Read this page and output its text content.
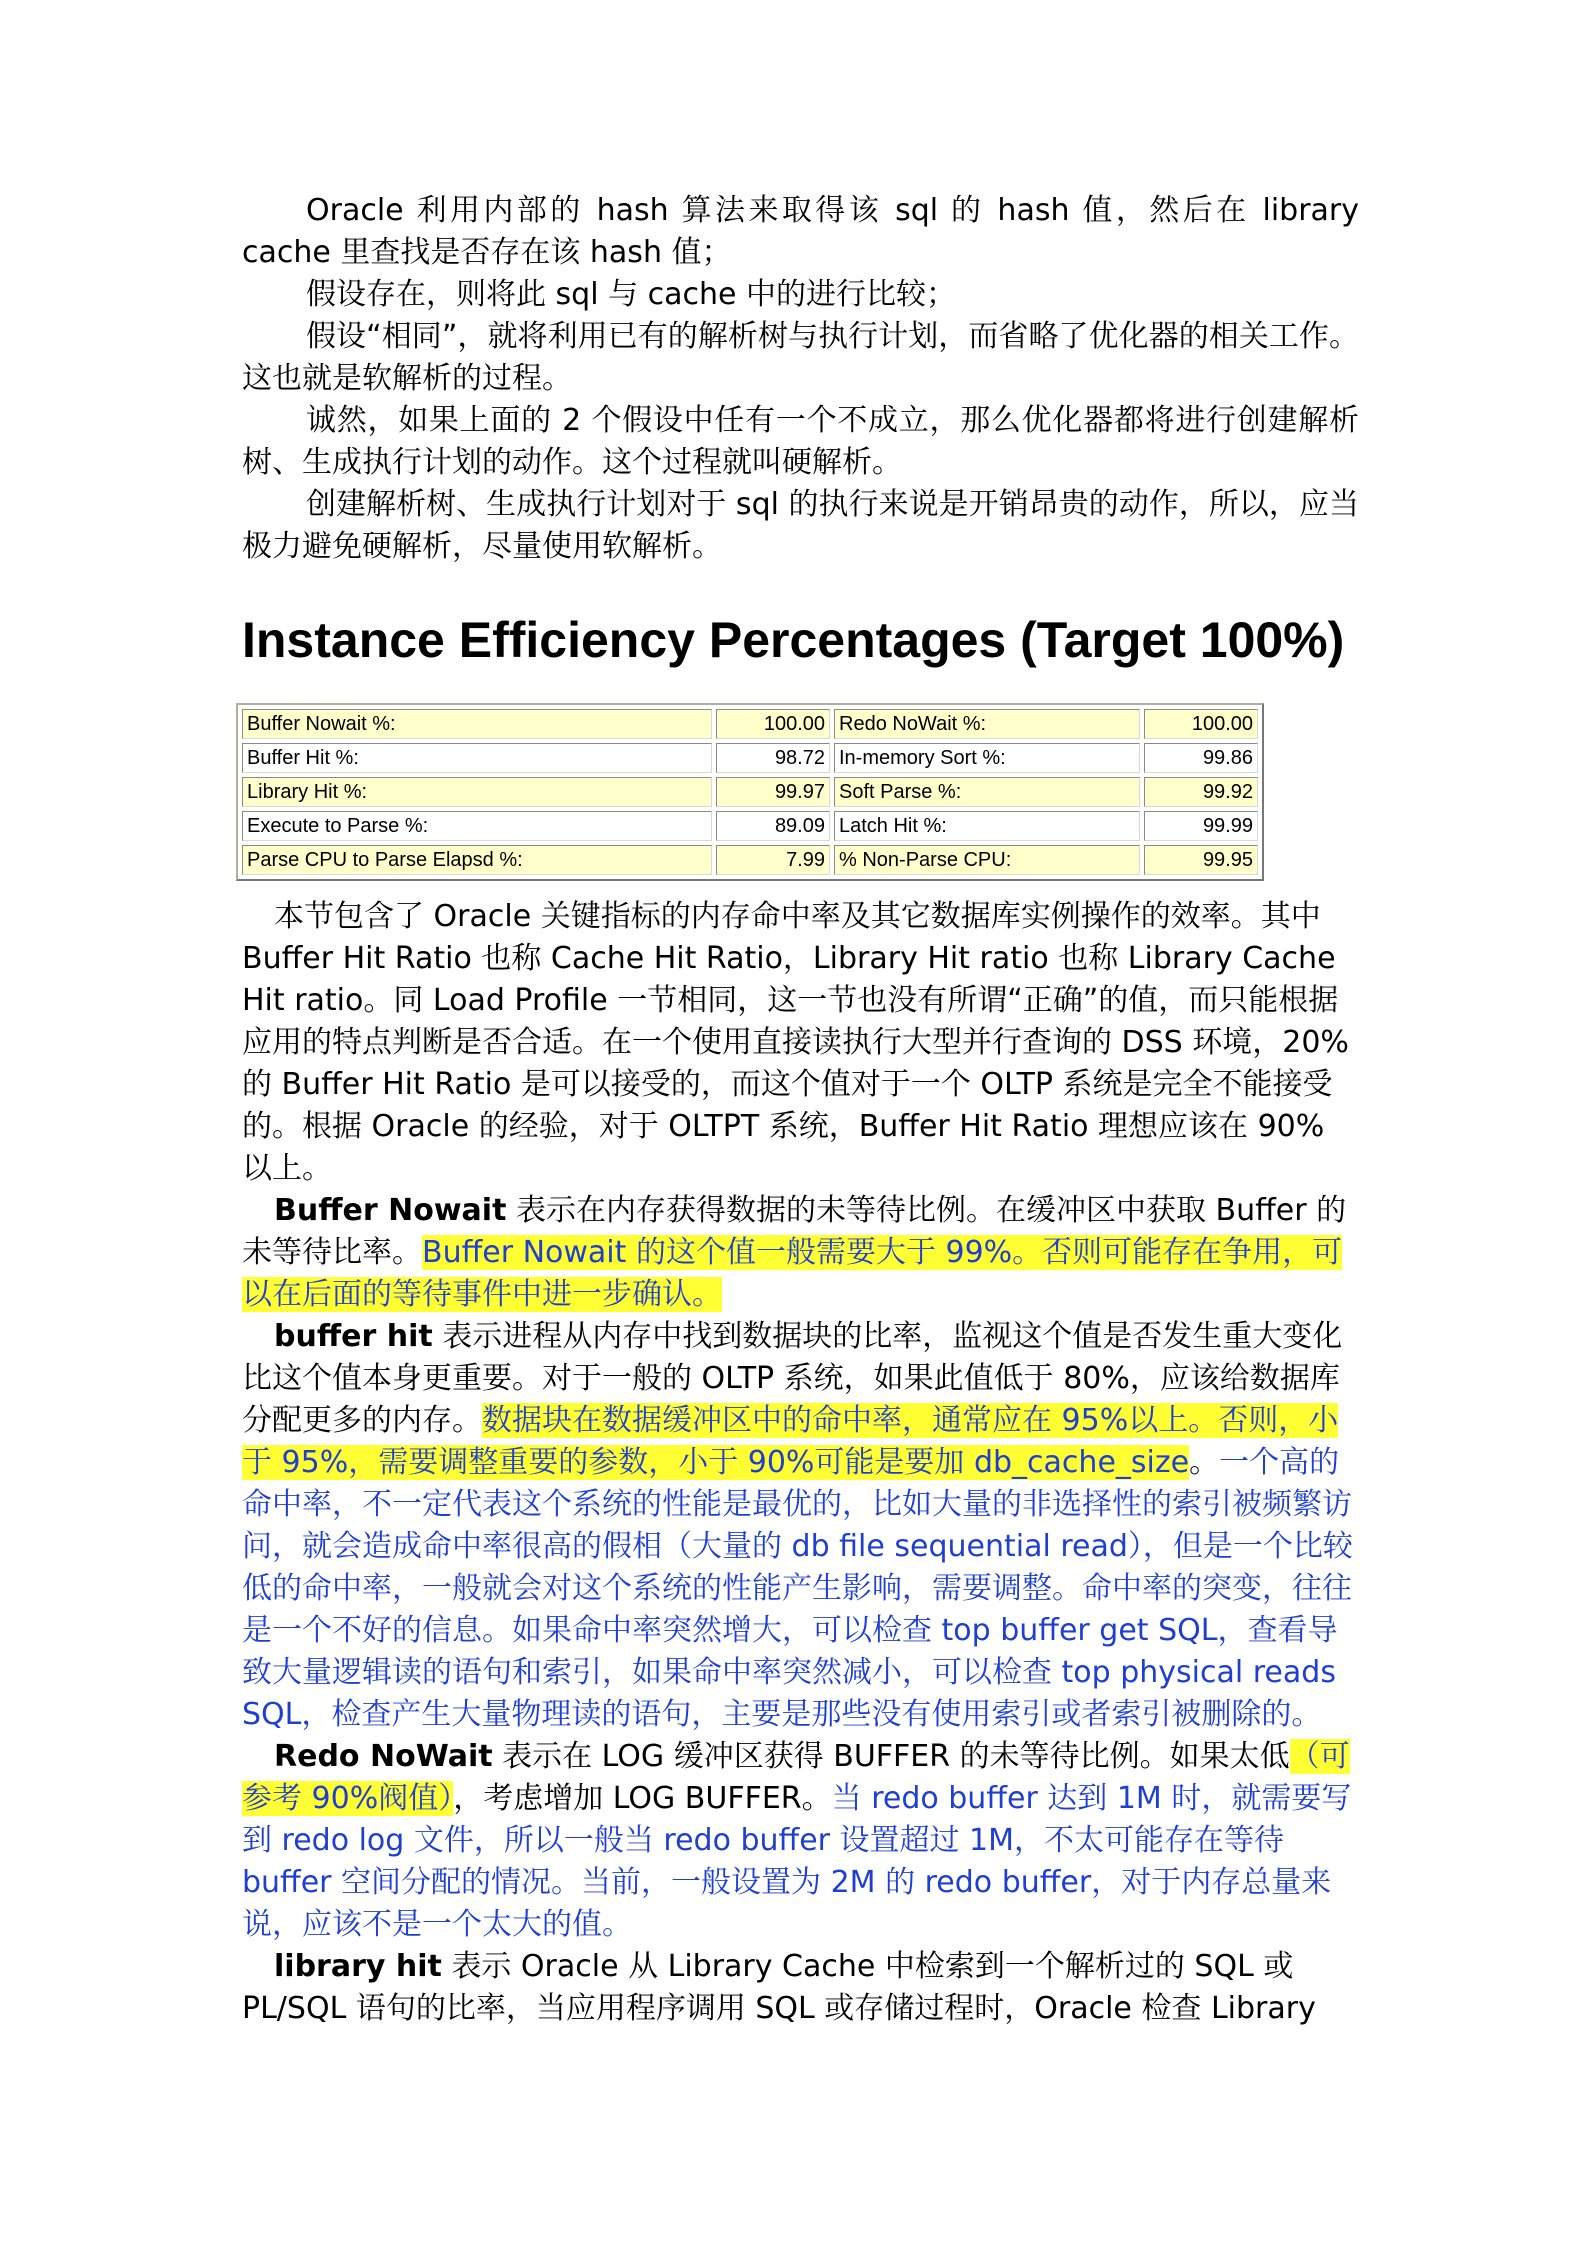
Oracle 利用内部的 hash 算法来取得该 sql 的 hash 值，然后在 library cache 里查找是否存在该 hash 值；

假设存在，则将此 sql 与 cache 中的进行比较；

假设“相同”，就将利用已有的解析树与执行计划，而省略了优化器的相关工作。这也就是软解析的过程。

诚然，如果上面的 2 个假设中任有一个不成立，那么优化器都将进行创建解析树、生成执行计划的动作。这个过程就叫硬解析。

创建解析树、生成执行计划对于 sql 的执行来说是开销昂贵的动作，所以，应当极力避免硬解析，尽量使用软解析。

Instance Efficiency Percentages (Target 100%)
Buffer Nowait %:	100.00	Redo NoWait %:	100.00
Buffer Hit %:	98.72	In-memory Sort %:	99.86
Library Hit %:	99.97	Soft Parse %:	99.92
Execute to Parse %:	89.09	Latch Hit %:	99.99
Parse CPU to Parse Elapsd %:	7.99	% Non-Parse CPU:	99.95

本节包含了 Oracle 关键指标的内存命中率及其它数据库实例操作的效率。其中 Buffer Hit Ratio 也称 Cache Hit Ratio，Library Hit ratio 也称 Library Cache Hit ratio。同 Load Profile 一节相同，这一节也没有所谓“正确”的值，而只能根据应用的特点判断是否合适。在一个使用直接读执行大型并行查询的 DSS 环境，20% 的 Buffer Hit Ratio 是可以接受的，而这个值对于一个 OLTP 系统是完全不能接受的。根据 Oracle 的经验，对于 OLTPT 系统，Buffer Hit Ratio 理想应该在 90% 以上。

Buffer Nowait 表示在内存获得数据的未等待比例。在缓冲区中获取 Buffer 的未等待比率。Buffer Nowait 的这个值一般需要大于 99%。否则可能存在争用，可以在后面的等待事件中进一步确认。

buffer hit 表示进程从内存中找到数据块的比率，监视这个值是否发生重大变化比这个值本身更重要。对于一般的 OLTP 系统，如果此值低于 80%，应该给数据库分配更多的内存。数据块在数据缓冲区中的命中率，通常应在 95%以上。否则，小于 95%，需要调整重要的参数，小于 90%可能是要加 db_cache_size。一个高的命中率，不一定代表这个系统的性能是最优的，比如大量的非选择性的索引被频繁访问，就会造成命中率很高的假相（大量的 db file sequential read），但是一个比较低的命中率，一般就会对这个系统的性能产生影响，需要调整。命中率的突变，往往是一个不好的信息。如果命中率突然增大，可以检查 top buffer get SQL，查看导致大量逻辑读的语句和索引，如果命中率突然减小，可以检查 top physical reads SQL，检查产生大量物理读的语句，主要是那些没有使用索引或者索引被删除的。

Redo NoWait 表示在 LOG 缓冲区获得 BUFFER 的未等待比例。如果太低（可参考 90%阀值），考虑增加 LOG BUFFER。当 redo buffer 达到 1M 时，就需要写到 redo log 文件，所以一般当 redo buffer 设置超过 1M，不太可能存在等待 buffer 空间分配的情况。当前，一般设置为 2M 的 redo buffer，对于内存总量来说，应该不是一个太大的值。

library hit 表示 Oracle 从 Library Cache 中检索到一个解析过的 SQL 或 PL/SQL 语句的比率，当应用程序调用 SQL 或存储过程时，Oracle 检查 Library
